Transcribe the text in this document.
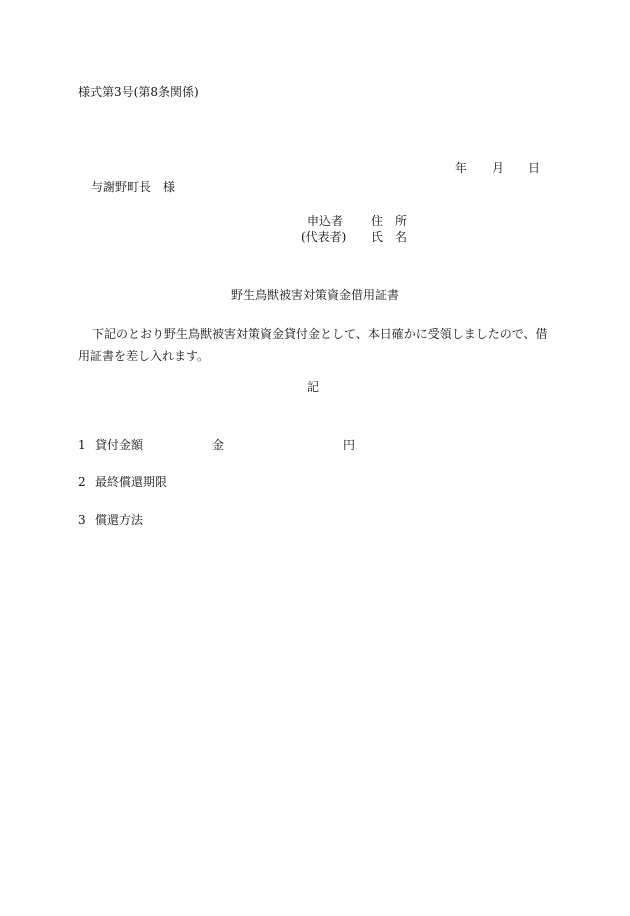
様式第3号(第8条関係)
年 月 日
与謝野町長　様
申込者 住　所
(代表者) 氏　名
野生鳥獣被害対策資金借用証書
下記のとおり野生鳥獣被害対策資金貸付金として、本日確かに受領しましたので、借用証書を差し入れます。
記
1 貸付金額	金	円
2 最終償還期限
3 償還方法
